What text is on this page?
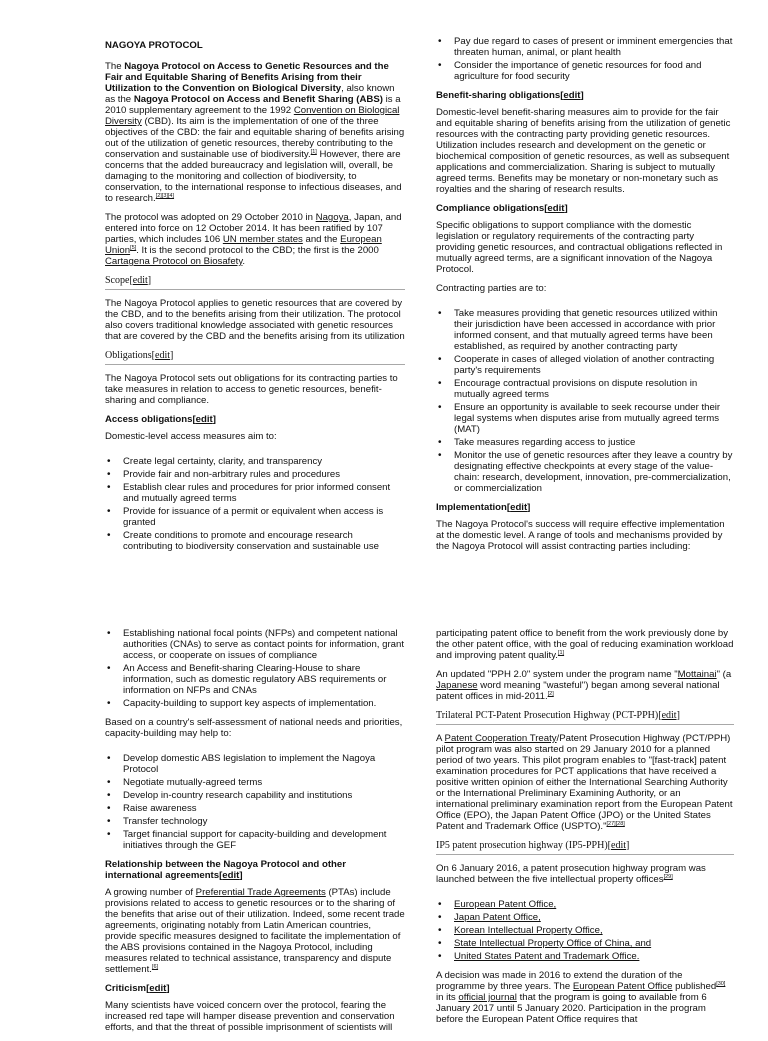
NAGOYA PROTOCOL

The Nagoya Protocol on Access to Genetic Resources and the Fair and Equitable Sharing of Benefits Arising from their Utilization to the Convention on Biological Diversity, also known as the Nagoya Protocol on Access and Benefit Sharing (ABS) is a 2010 supplementary agreement to the 1992 Convention on Biological Diversity (CBD). Its aim is the implementation of one of the three objectives of the CBD: the fair and equitable sharing of benefits arising out of the utilization of genetic resources, thereby contributing to the conservation and sustainable use of biodiversity.[1] However, there are concerns that the added bureaucracy and legislation will, overall, be damaging to the monitoring and collection of biodiversity, to conservation, to the international response to infectious diseases, and to research.[2][3][4]

The protocol was adopted on 29 October 2010 in Nagoya, Japan, and entered into force on 12 October 2014. It has been ratified by 107 parties, which includes 106 UN member states and the European Union[5]. It is the second protocol to the CBD; the first is the 2000 Cartagena Protocol on Biosafety.

Scope[edit]

The Nagoya Protocol applies to genetic resources that are covered by the CBD, and to the benefits arising from their utilization. The protocol also covers traditional knowledge associated with genetic resources that are covered by the CBD and the benefits arising from its utilization

Obligations[edit]

The Nagoya Protocol sets out obligations for its contracting parties to take measures in relation to access to genetic resources, benefit-sharing and compliance.

Access obligations[edit]

Domestic-level access measures aim to:

• Create legal certainty, clarity, and transparency
• Provide fair and non-arbitrary rules and procedures
• Establish clear rules and procedures for prior informed consent and mutually agreed terms
• Provide for issuance of a permit or equivalent when access is granted
• Create conditions to promote and encourage research contributing to biodiversity conservation and sustainable use
• Pay due regard to cases of present or imminent emergencies that threaten human, animal, or plant health
• Consider the importance of genetic resources for food and agriculture for food security
Benefit-sharing obligations[edit]

Domestic-level benefit-sharing measures aim to provide for the fair and equitable sharing of benefits arising from the utilization of genetic resources with the contracting party providing genetic resources. Utilization includes research and development on the genetic or biochemical composition of genetic resources, as well as subsequent applications and commercialization. Sharing is subject to mutually agreed terms. Benefits may be monetary or non-monetary such as royalties and the sharing of research results.

Compliance obligations[edit]

Specific obligations to support compliance with the domestic legislation or regulatory requirements of the contracting party providing genetic resources, and contractual obligations reflected in mutually agreed terms, are a significant innovation of the Nagoya Protocol.

Contracting parties are to:

• Take measures providing that genetic resources utilized within their jurisdiction have been accessed in accordance with prior informed consent, and that mutually agreed terms have been established, as required by another contracting party
• Cooperate in cases of alleged violation of another contracting party's requirements
• Encourage contractual provisions on dispute resolution in mutually agreed terms
• Ensure an opportunity is available to seek recourse under their legal systems when disputes arise from mutually agreed terms (MAT)
• Take measures regarding access to justice
• Monitor the use of genetic resources after they leave a country by designating effective checkpoints at every stage of the value-chain: research, development, innovation, pre-commercialization, or commercialization
Implementation[edit]

The Nagoya Protocol's success will require effective implementation at the domestic level. A range of tools and mechanisms provided by the Nagoya Protocol will assist contracting parties including:

• Establishing national focal points (NFPs) and competent national authorities (CNAs) to serve as contact points for information, grant access, or cooperate on issues of compliance
• An Access and Benefit-sharing Clearing-House to share information, such as domestic regulatory ABS requirements or information on NFPs and CNAs
• Capacity-building to support key aspects of implementation.

Based on a country's self-assessment of national needs and priorities, capacity-building may help to:

• Develop domestic ABS legislation to implement the Nagoya Protocol
• Negotiate mutually-agreed terms
• Develop in-country research capability and institutions
• Raise awareness
• Transfer technology
• Target financial support for capacity-building and development initiatives through the GEF
Relationship between the Nagoya Protocol and other international agreements[edit]

A growing number of Preferential Trade Agreements (PTAs) include provisions related to access to genetic resources or to the sharing of the benefits that arise out of their utilization. Indeed, some recent trade agreements, originating notably from Latin American countries, provide specific measures designed to facilitate the implementation of the ABS provisions contained in the Nagoya Protocol, including measures related to technical assistance, transparency and dispute settlement.[6]

Criticism[edit]

Many scientists have voiced concern over the protocol, fearing the increased red tape will hamper disease prevention and conservation efforts, and that the threat of possible imprisonment of scientists will

participating patent office to benefit from the work previously done by the other patent office, with the goal of reducing examination workload and improving patent quality.[1]

An updated "PPH 2.0" system under the program name "Mottainai" (a Japanese word meaning "wasteful") began among several national patent offices in mid-2011.[2]

Trilateral PCT-Patent Prosecution Highway (PCT-PPH)[edit]

A Patent Cooperation Treaty/Patent Prosecution Highway (PCT/PPH) pilot program was also started on 29 January 2010 for a planned period of two years. This pilot program enables to "[fast-track] patent examination procedures for PCT applications that have received a positive written opinion of either the International Searching Authority or the International Preliminary Examining Authority, or an international preliminary examination report from the European Patent Office (EPO), the Japan Patent Office (JPO) or the United States Patent and Trademark Office (USPTO)."[27][28]

IP5 patent prosecution highway (IP5-PPH)[edit]

On 6 January 2016, a patent prosecution highway program was launched between the five intellectual property offices[29]

• European Patent Office,
• Japan Patent Office,
• Korean Intellectual Property Office,
• State Intellectual Property Office of China, and
• United States Patent and Trademark Office.

A decision was made in 2016 to extend the duration of the programme by three years. The European Patent Office published[30] in its official journal that the program is going to available from 6 January 2017 until 5 January 2020. Participation in the program before the European Patent Office requires that
